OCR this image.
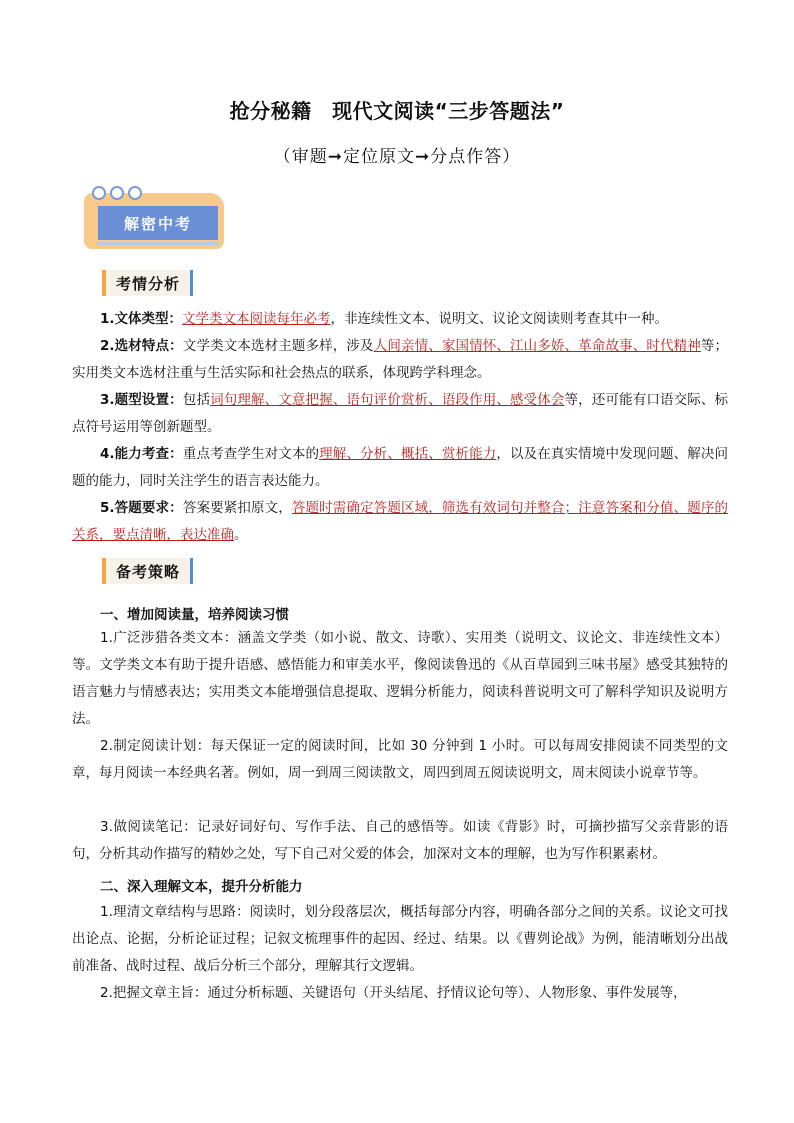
抢分秘籍　现代文阅读“三步答题法”
（审题➞定位原文➞分点作答）
解密中考
考情分析
1.文体类型：文学类文本阅读每年必考，非连续性文本、说明文、议论文阅读则考查其中一种。
2.选材特点：文学类文本选材主题多样，涉及人间亲情、家国情怀、江山多娇、革命故事、时代精神等；实用类文本选材注重与生活实际和社会热点的联系，体现跨学科理念。
3.题型设置：包括词句理解、文意把握、语句评价赏析、语段作用、感受体会等，还可能有口语交际、标点符号运用等创新题型。
4.能力考查：重点考查学生对文本的理解、分析、概括、赏析能力，以及在真实情境中发现问题、解决问题的能力，同时关注学生的语言表达能力。
5.答题要求：答案要紧扣原文，答题时需确定答题区域，筛选有效词句并整合；注意答案和分值、题序的关系，要点清晰，表达准确。
备考策略
一、增加阅读量，培养阅读习惯
1.广泛涉猎各类文本：涵盖文学类（如小说、散文、诗歌）、实用类（说明文、议论文、非连续性文本）等。文学类文本有助于提升语感、感悟能力和审美水平，像阅读鲁迅的《从百草园到三味书屋》感受其独特的语言魅力与情感表达；实用类文本能增强信息提取、逻辑分析能力，阅读科普说明文可了解科学知识及说明方法。
2.制定阅读计划：每天保证一定的阅读时间，比如 30 分钟到 1 小时。可以每周安排阅读不同类型的文章，每月阅读一本经典名著。例如，周一到周三阅读散文，周四到周五阅读说明文，周末阅读小说章节等。
3.做阅读笔记：记录好词好句、写作手法、自己的感悟等。如读《背影》时，可摘抄描写父亲背影的语句，分析其动作描写的精妙之处，写下自己对父爱的体会，加深对文本的理解，也为写作积累素材。
二、深入理解文本，提升分析能力
1.理清文章结构与思路：阅读时，划分段落层次，概括每部分内容，明确各部分之间的关系。议论文可找出论点、论据，分析论证过程；记叙文梳理事件的起因、经过、结果。以《曹刿论战》为例，能清晰划分出战前准备、战时过程、战后分析三个部分，理解其行文逻辑。
2.把握文章主旨：通过分析标题、关键语句（开头结尾、抒情议论句等）、人物形象、事件发展等，
